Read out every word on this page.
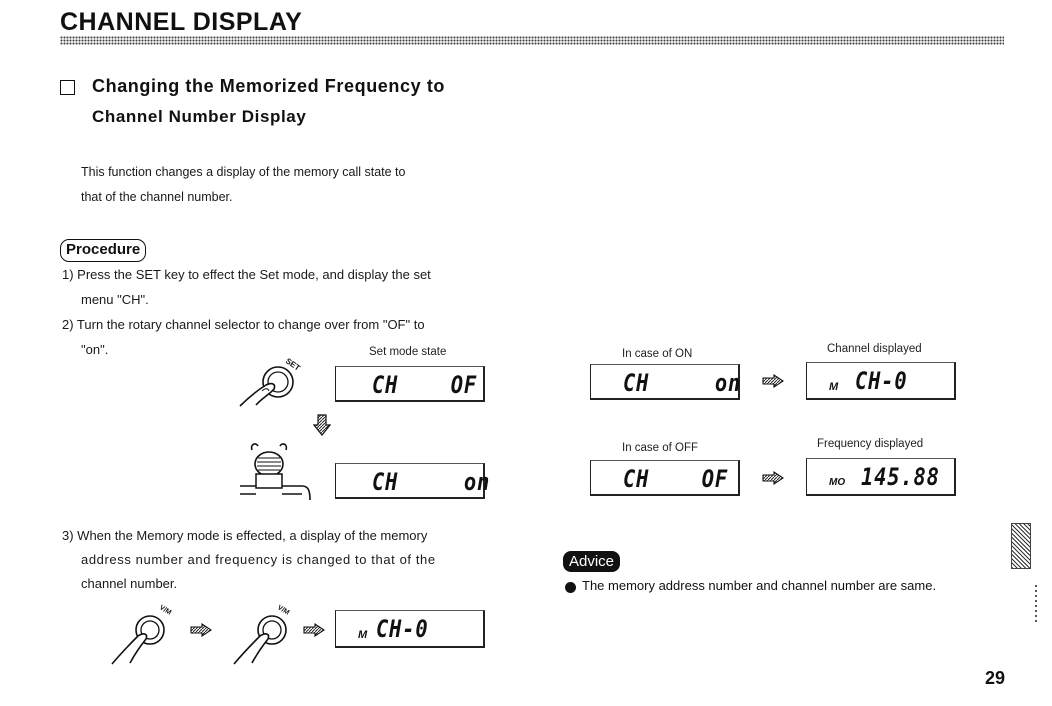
CHANNEL DISPLAY
Changing the Memorized Frequency to
Channel Number Display
This function changes a display of the memory call state to
that of the channel number.
Procedure
1) Press the SET key to effect the Set mode, and display the set
menu "CH".
2) Turn the rotary channel selector to change over from "OF" to
"on".	Set mode state
SET
CH    OF
CH     on
3) When the Memory mode is effected, a display of the memory
address number and frequency is changed to that of the
channel number.
V/M	V/M
M CH-0
In case of ON	Channel displayed
CH     on	M CH-0
In case of OFF	Frequency displayed
CH    OF	MO 145.88
Advice
The memory address number and channel number are same.
29
